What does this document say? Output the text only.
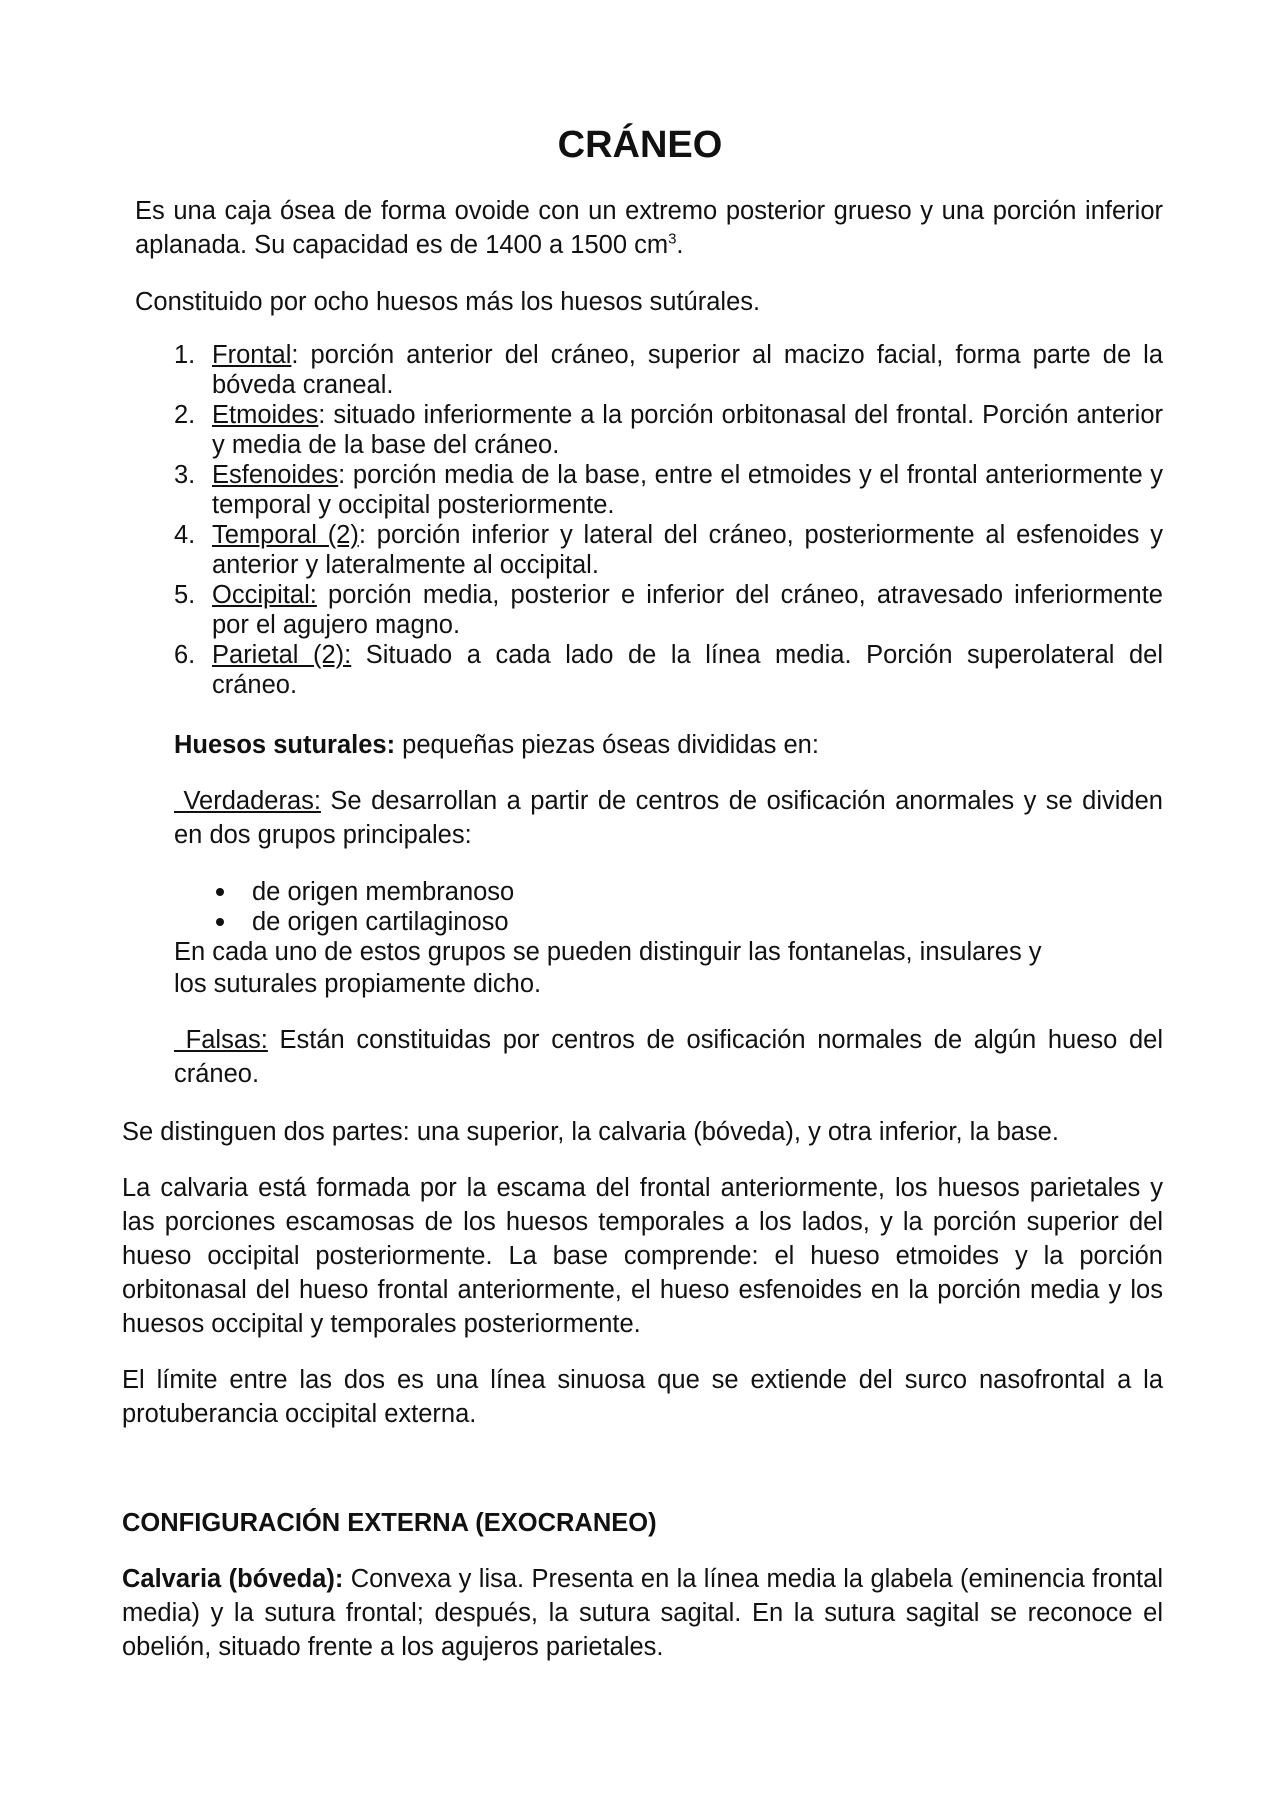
CRÁNEO

Es una caja ósea de forma ovoide con un extremo posterior grueso y una porción inferior aplanada. Su capacidad es de 1400 a 1500 $cm^3$.

Constituido por ocho huesos más los huesos sutúrales.

1. Frontal: porción anterior del cráneo, superior al macizo facial, forma parte de la bóveda craneal.
2. Etmoides: situado inferiormente a la porción orbitonasal del frontal. Porción anterior y media de la base del cráneo.
3. Esfenoides: porción media de la base, entre el etmoides y el frontal anteriormente y temporal y occipital posteriormente.
4. Temporal (2): porción inferior y lateral del cráneo, posteriormente al esfenoides y anterior y lateralmente al occipital.
5. Occipital: porción media, posterior e inferior del cráneo, atravesado inferiormente por el agujero magno.
6. Parietal (2): Situado a cada lado de la línea media. Porción superolateral del cráneo.

Huesos suturales: pequeñas piezas óseas divididas en:

Verdaderas: Se desarrollan a partir de centros de osificación anormales y se dividen en dos grupos principales:

de origen membranoso
de origen cartilaginoso

En cada uno de estos grupos se pueden distinguir las fontanelas, insulares y

los suturales propiamente dicho.

Falsas: Están constituidas por centros de osificación normales de algún hueso del cráneo.

Se distinguen dos partes: una superior, la calvaria (bóveda), y otra inferior, la base.

La calvaria está formada por la escama del frontal anteriormente, los huesos parietales y las porciones escamosas de los huesos temporales a los lados, y la porción superior del hueso occipital posteriormente. La base comprende: el hueso etmoides y la porción orbitonasal del hueso frontal anteriormente, el hueso esfenoides en la porción media y los huesos occipital y temporales posteriormente.

El límite entre las dos es una línea sinuosa que se extiende del surco nasofrontal a la protuberancia occipital externa.

CONFIGURACIÓN EXTERNA (EXOCRANEO)

Calvaria (bóveda): Convexa y lisa. Presenta en la línea media la glabela (eminencia frontal media) y la sutura frontal; después, la sutura sagital. En la sutura sagital se reconoce el obelión, situado frente a los agujeros parietales.
